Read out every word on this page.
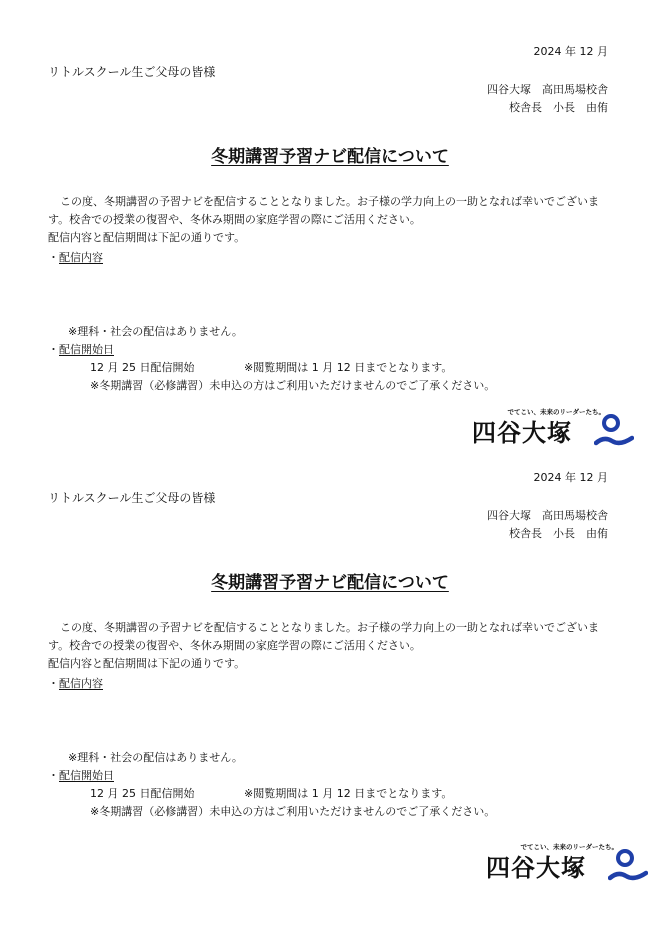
2024 年 12 月
リトルスクール生ご父母の皆様
四谷大塚　高田馬場校舎
校舎長　小長　由侑
冬期講習予習ナビ配信について
この度、冬期講習の予習ナビを配信することとなりました。お子様の学力向上の一助となれば幸いでございます。校舎での授業の復習や、冬休み期間の家庭学習の際にご活用ください。
配信内容と配信期間は下記の通りです。
・配信内容
※理科・社会の配信はありません。
・配信開始日
12 月 25 日配信開始	※閲覧期間は 1 月 12 日までとなります。
※冬期講習（必修講習）未申込の方はご利用いただけませんのでご了承ください。
でてこい、未来のリーダーたち。
四谷大塚
2024 年 12 月
リトルスクール生ご父母の皆様
四谷大塚　高田馬場校舎
校舎長　小長　由侑
冬期講習予習ナビ配信について
この度、冬期講習の予習ナビを配信することとなりました。お子様の学力向上の一助となれば幸いでございます。校舎での授業の復習や、冬休み期間の家庭学習の際にご活用ください。
配信内容と配信期間は下記の通りです。
・配信内容
※理科・社会の配信はありません。
・配信開始日
12 月 25 日配信開始	※閲覧期間は 1 月 12 日までとなります。
※冬期講習（必修講習）未申込の方はご利用いただけませんのでご了承ください。
でてこい、未来のリーダーたち。
四谷大塚
